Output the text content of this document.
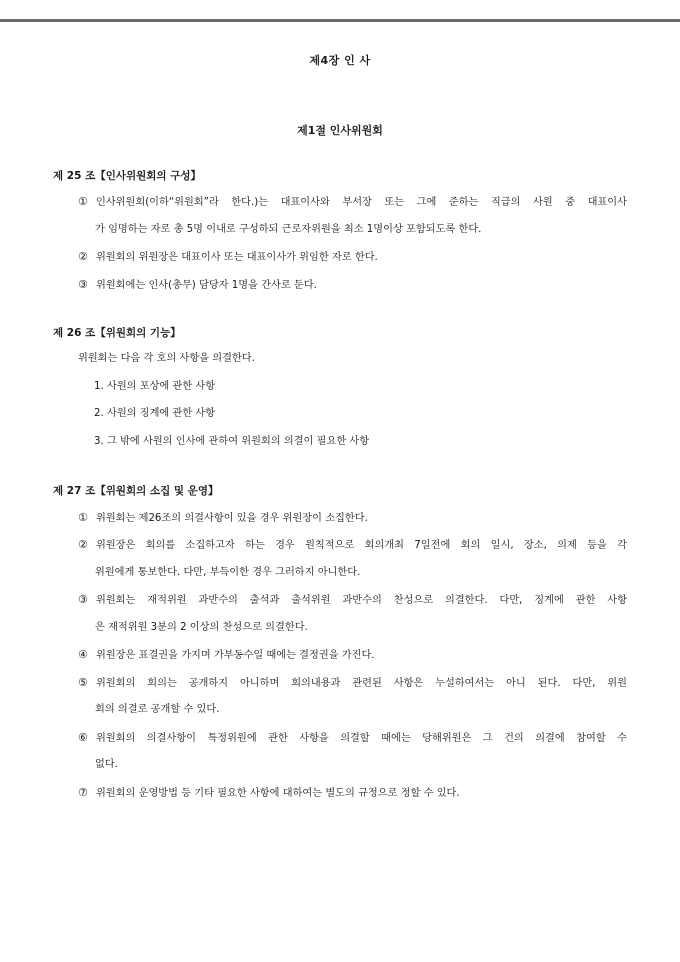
제4장 인 사
제1절 인사위원회
제 25 조【인사위원회의 구성】
① 인사위원회(이하“위원회”라 한다.)는 대표이사와 부서장 또는 그에 준하는 직급의 사원 중 대표이사
가 임명하는 자로 총 5명 이내로 구성하되 근로자위원을 최소 1명이상 포함되도록 한다.
② 위원회의 위원장은 대표이사 또는 대표이사가 위임한 자로 한다.
③ 위원회에는 인사(총무) 담당자 1명을 간사로 둔다.
제 26 조【위원회의 기능】
위원회는 다음 각 호의 사항을 의결한다.
1. 사원의 포상에 관한 사항
2. 사원의 징계에 관한 사항
3. 그 밖에 사원의 인사에 관하여 위원회의 의결이 필요한 사항
제 27 조【위원회의 소집 및 운영】
① 위원회는 제26조의 의결사항이 있을 경우 위원장이 소집한다.
② 위원장은 회의를 소집하고자 하는 경우 원칙적으로 회의개최 7일전에 회의 일시, 장소, 의제 등을 각
위원에게 통보한다. 다만, 부득이한 경우 그러하지 아니한다.
③ 위원회는 재적위원 과반수의 출석과 출석위원 과반수의 찬성으로 의결한다. 다만, 징계에 관한 사항
은 재적위원 3분의 2 이상의 찬성으로 의결한다.
④ 위원장은 표결권을 가지며 가부동수일 때에는 결정권을 가진다.
⑤ 위원회의 회의는 공개하지 아니하며 회의내용과 관련된 사항은 누설하여서는 아니 된다. 다만, 위원
회의 의결로 공개할 수 있다.
⑥ 위원회의 의결사항이 특정위원에 관한 사항을 의결할 때에는 당해위원은 그 건의 의결에 참여할 수
없다.
⑦ 위원회의 운영방법 등 기타 필요한 사항에 대하여는 별도의 규정으로 정할 수 있다.
